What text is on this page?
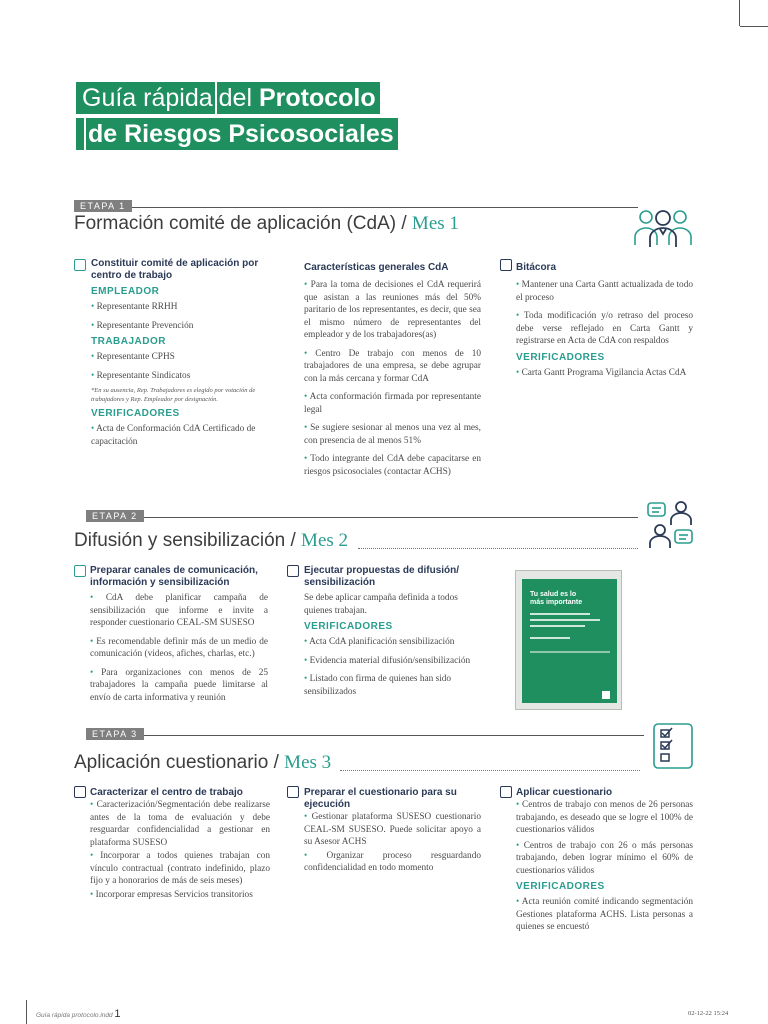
Guía rápida del Protocolo
de Riesgos Psicosociales
ETAPA 1
Formación comité de aplicación (CdA) / Mes 1
Constituir comité de aplicación por centro de trabajo
EMPLEADOR
• Representante RRHH
• Representante Prevención
TRABAJADOR
• Representante CPHS
• Representante Sindicatos
*En su ausencia, Rep. Trabajadores es elegido por votación de trabajadores y Rep. Empleador por designación.
VERIFICADORES
• Acta de Conformación CdA Certificado de capacitación
Características generales CdA
• Para la toma de decisiones el CdA requerirá que asistan a las reuniones más del 50% paritario de los representantes, es decir, que sea el mismo número de representantes del empleador y de los trabajadores(as)
• Centro De trabajo con menos de 10 trabajadores de una empresa, se debe agrupar con la más cercana y formar CdA
• Acta conformación firmada por representante legal
• Se sugiere sesionar al menos una vez al mes, con presencia de al menos 51%
• Todo integrante del CdA debe capacitarse en riesgos psicosociales (contactar ACHS)
Bitácora
• Mantener una Carta Gantt actualizada de todo el proceso
• Toda modificación y/o retraso del proceso debe verse reflejado en Carta Gantt y registrarse en Acta de CdA con respaldos
VERIFICADORES
• Carta Gantt Programa Vigilancia Actas CdA
ETAPA 2
Difusión y sensibilización / Mes 2
Preparar canales de comunicación, información y sensibilización
• CdA debe planificar campaña de sensibilización que informe e invite a responder cuestionario CEAL-SM SUSESO
• Es recomendable definir más de un medio de comunicación (videos, afiches, charlas, etc.)
• Para organizaciones con menos de 25 trabajadores la campaña puede limitarse al envío de carta informativa y reunión
Ejecutar propuestas de difusión/ sensibilización
Se debe aplicar campaña definida a todos quienes trabajan.
VERIFICADORES
• Acta CdA planificación sensibilización
• Evidencia material difusión/sensibilización
• Listado con firma de quienes han sido sensibilizados
Tu salud es lo más importante
ETAPA 3
Aplicación cuestionario / Mes 3
Caracterizar el centro de trabajo
• Caracterización/Segmentación debe realizarse antes de la toma de evaluación y debe resguardar confidencialidad a gestionar en plataforma SUSESO
• Incorporar a todos quienes trabajan con vínculo contractual (contrato indefinido, plazo fijo y a honorarios de más de seis meses)
• Incorporar empresas Servicios transitorios
Preparar el cuestionario para su ejecución
• Gestionar plataforma SUSESO cuestionario CEAL-SM SUSESO. Puede solicitar apoyo a su Asesor ACHS
• Organizar proceso resguardando confidencialidad en todo momento
Aplicar cuestionario
• Centros de trabajo con menos de 26 personas trabajando, es deseado que se logre el 100% de cuestionarios válidos
• Centros de trabajo con 26 o más personas trabajando, deben lograr mínimo el 60% de cuestionarios válidos
VERIFICADORES
• Acta reunión comité indicando segmentación Gestiones plataforma ACHS. Lista personas a quienes se encuestó
Guía rápida protocolo.indd 1	02-12-22 15:24
